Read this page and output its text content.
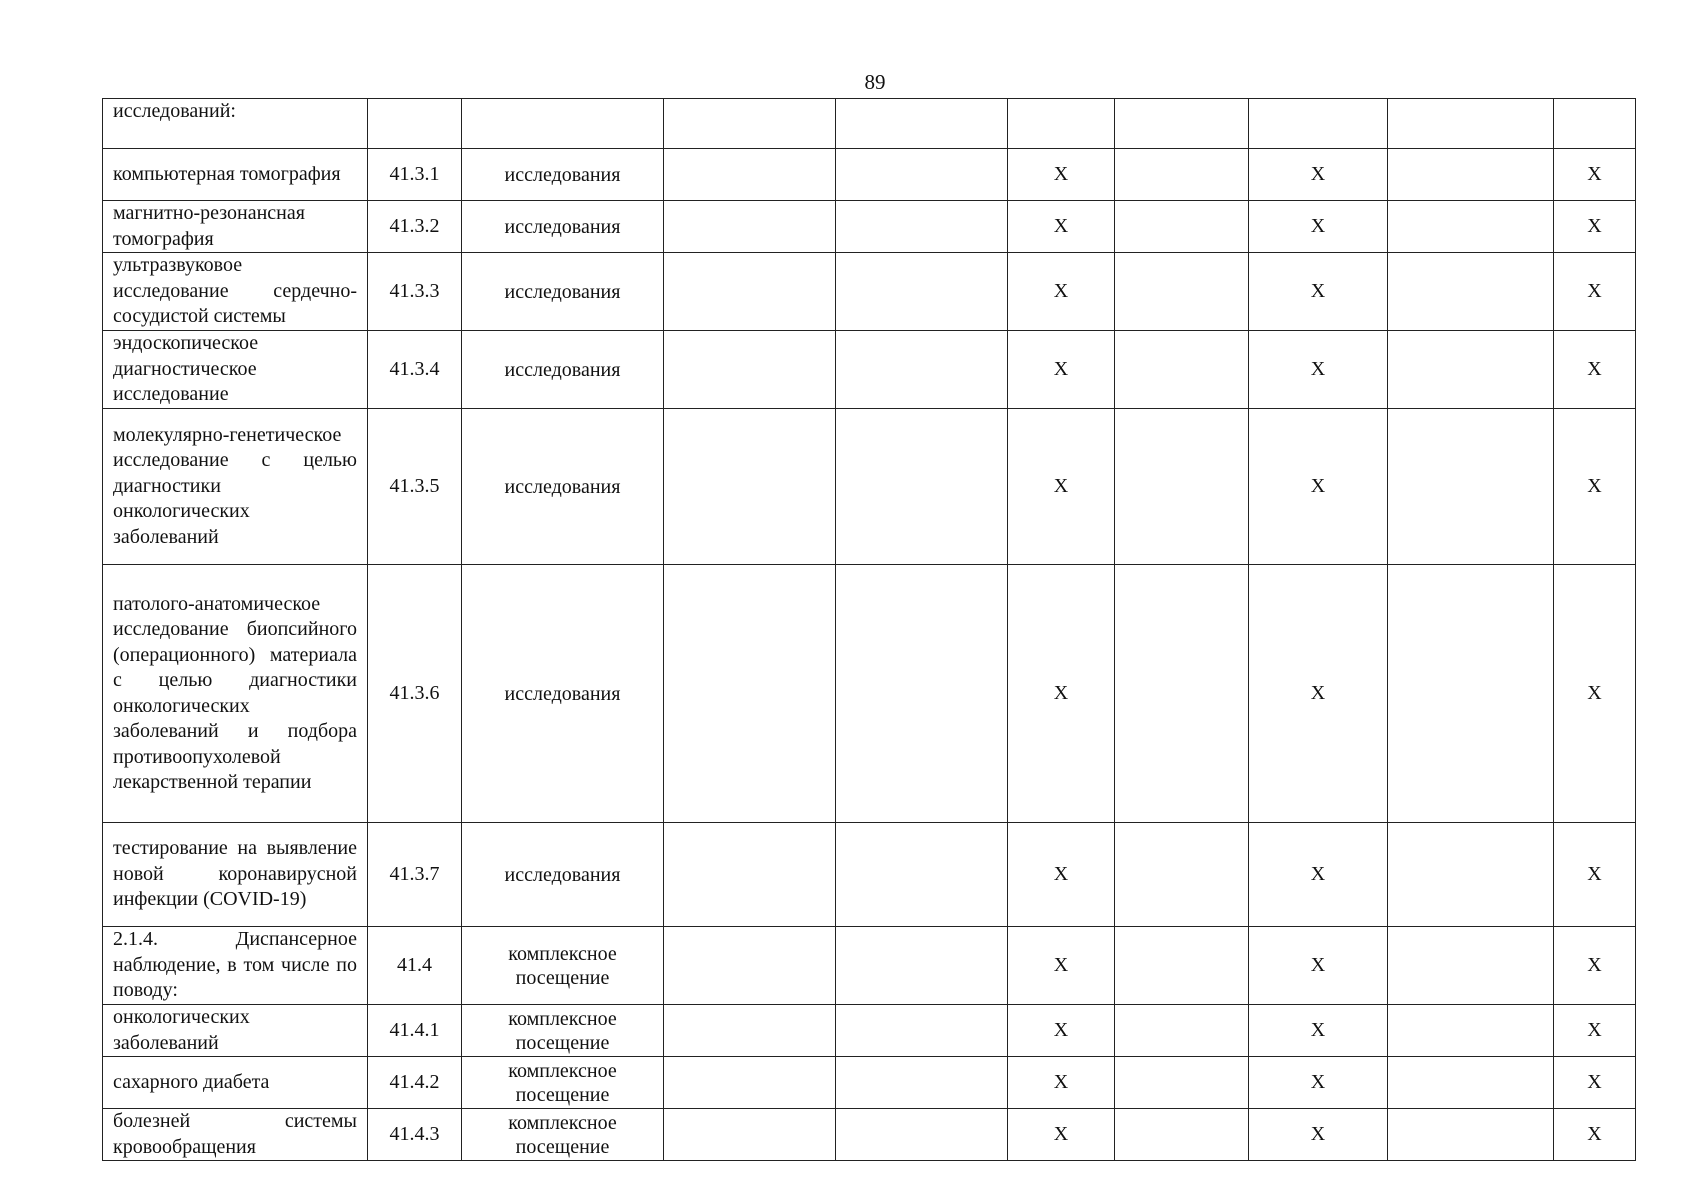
89
исследований:									
компьютерная томография	41.3.1	исследования			X		X		X
магнитно-резонансная томография	41.3.2	исследования			X		X		X
ультразвуковое исследование сердечно-сосудистой системы	41.3.3	исследования			X		X		X
эндоскопическое диагностическое исследование	41.3.4	исследования			X		X		X
молекулярно-генетическое исследование с целью диагностики онкологических заболеваний	41.3.5	исследования			X		X		X
патолого-анатомическое исследование биопсийного (операционного) материала с целью диагностики онкологических заболеваний и подбора противоопухолевой лекарственной терапии	41.3.6	исследования			X		X		X
тестирование на выявление новой коронавирусной инфекции (COVID-19)	41.3.7	исследования			X		X		X
2.1.4. Диспансерное наблюдение, в том числе по поводу:	41.4	комплексное посещение			X		X		X
онкологических заболеваний	41.4.1	комплексное посещение			X		X		X
сахарного диабета	41.4.2	комплексное посещение			X		X		X
болезней системы кровообращения	41.4.3	комплексное посещение			X		X		X
